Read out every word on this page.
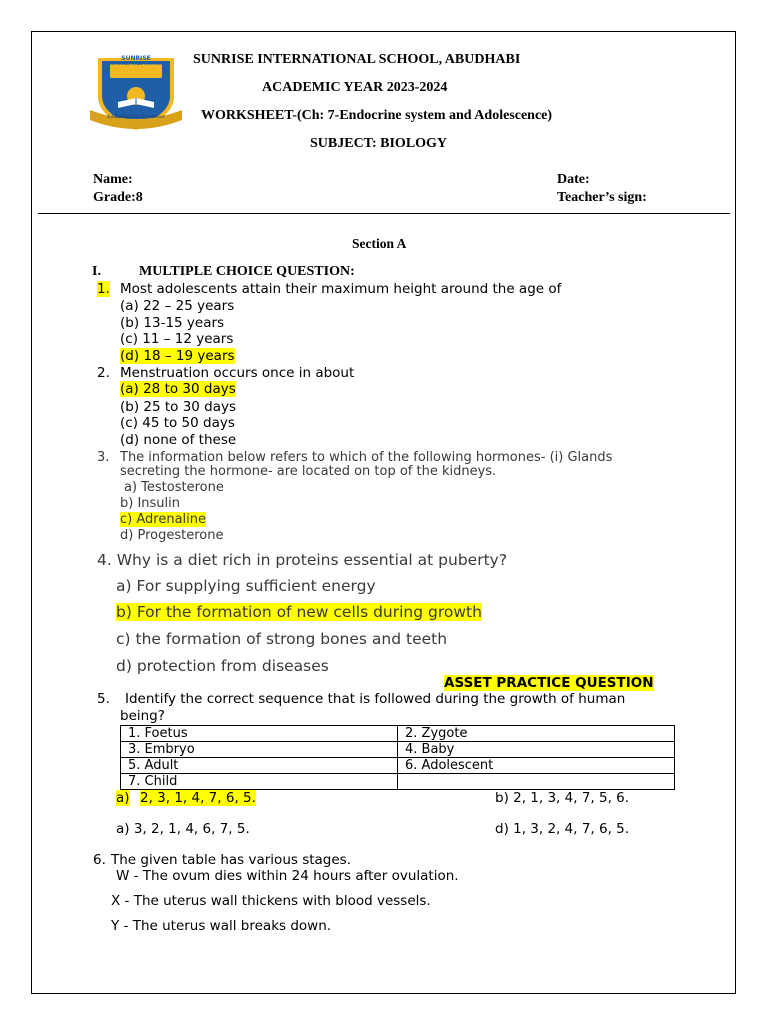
SUNRISE
INTERNATIONAL SCHOOL
Educating For Excellence
SUNRISE INTERNATIONAL SCHOOL, ABUDHABI
ACADEMIC YEAR 2023-2024
WORKSHEET-(Ch: 7-Endocrine system and Adolescence)
SUBJECT: BIOLOGY
Name:	Date:
Grade:8	Teacher’s sign:
Section A
I.	MULTIPLE CHOICE QUESTION:
1. Most adolescents attain their maximum height around the age of
(a) 22 – 25 years
(b) 13-15 years
(c) 11 – 12 years
(d) 18 – 19 years
2. Menstruation occurs once in about
(a) 28 to 30 days
(b) 25 to 30 days
(c) 45 to 50 days
(d) none of these
3. The information below refers to which of the following hormones- (i) Glands
secreting the hormone- are located on top of the kidneys.
a) Testosterone
b) Insulin
c) Adrenaline
d) Progesterone
4. Why is a diet rich in proteins essential at puberty?
a) For supplying sufficient energy
b) For the formation of new cells during growth
c) the formation of strong bones and teeth
d) protection from diseases
ASSET PRACTICE QUESTION
5. Identify the correct sequence that is followed during the growth of human
being?
1. Foetus	2. Zygote
3. Embryo	4. Baby
5. Adult	6. Adolescent
7. Child	
a) 2, 3, 1, 4, 7, 6, 5.	b) 2, 1, 3, 4, 7, 5, 6.
a) 3, 2, 1, 4, 6, 7, 5.	d) 1, 3, 2, 4, 7, 6, 5.
6. The given table has various stages.
W - The ovum dies within 24 hours after ovulation.
X - The uterus wall thickens with blood vessels.
Y - The uterus wall breaks down.
